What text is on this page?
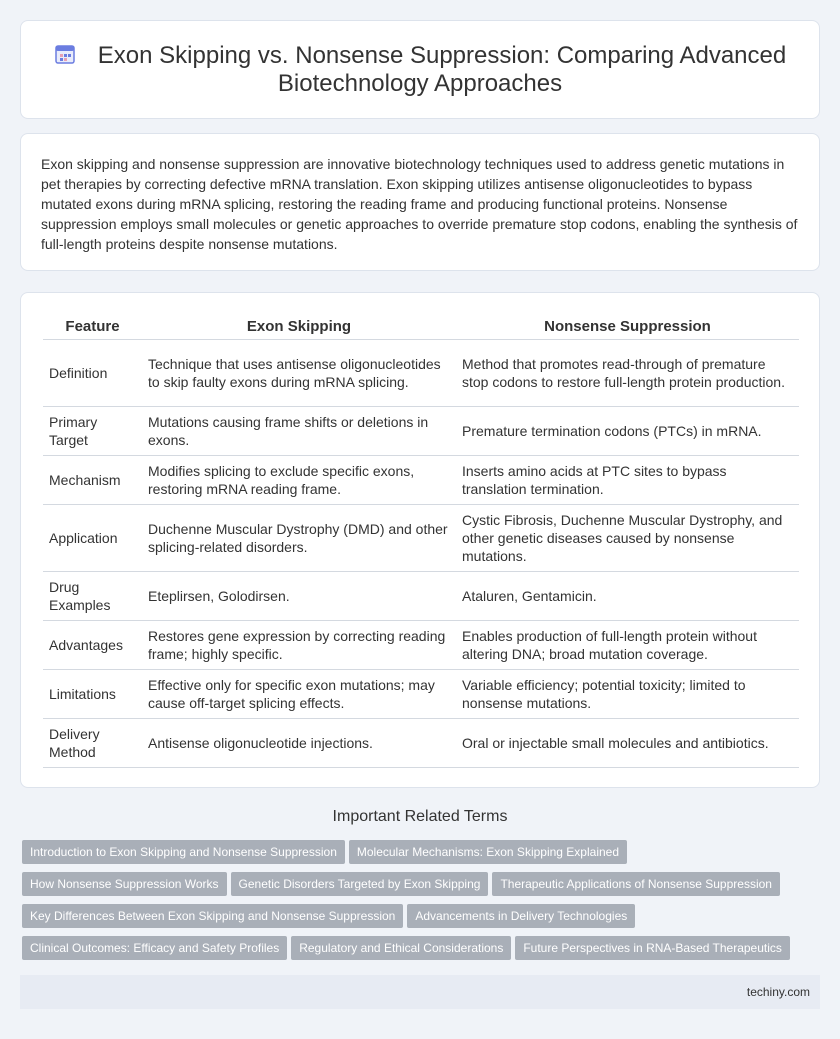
Exon Skipping vs. Nonsense Suppression: Comparing Advanced Biotechnology Approaches

Exon skipping and nonsense suppression are innovative biotechnology techniques used to address genetic mutations in pet therapies by correcting defective mRNA translation. Exon skipping utilizes antisense oligonucleotides to bypass mutated exons during mRNA splicing, restoring the reading frame and producing functional proteins. Nonsense suppression employs small molecules or genetic approaches to override premature stop codons, enabling the synthesis of full-length proteins despite nonsense mutations.

Feature	Exon Skipping	Nonsense Suppression
Definition	Technique that uses antisense oligonucleotides to skip faulty exons during mRNA splicing.	Method that promotes read-through of premature stop codons to restore full-length protein production.
Primary Target	Mutations causing frame shifts or deletions in exons.	Premature termination codons (PTCs) in mRNA.
Mechanism	Modifies splicing to exclude specific exons, restoring mRNA reading frame.	Inserts amino acids at PTC sites to bypass translation termination.
Application	Duchenne Muscular Dystrophy (DMD) and other splicing-related disorders.	Cystic Fibrosis, Duchenne Muscular Dystrophy, and other genetic diseases caused by nonsense mutations.
Drug Examples	Eteplirsen, Golodirsen.	Ataluren, Gentamicin.
Advantages	Restores gene expression by correcting reading frame; highly specific.	Enables production of full-length protein without altering DNA; broad mutation coverage.
Limitations	Effective only for specific exon mutations; may cause off-target splicing effects.	Variable efficiency; potential toxicity; limited to nonsense mutations.
Delivery Method	Antisense oligonucleotide injections.	Oral or injectable small molecules and antibiotics.
Important Related Terms
Introduction to Exon Skipping and Nonsense Suppression Molecular Mechanisms: Exon Skipping Explained
How Nonsense Suppression Works Genetic Disorders Targeted by Exon Skipping Therapeutic Applications of Nonsense Suppression
Key Differences Between Exon Skipping and Nonsense Suppression Advancements in Delivery Technologies
Clinical Outcomes: Efficacy and Safety Profiles Regulatory and Ethical Considerations Future Perspectives in RNA-Based Therapeutics
techiny.com
